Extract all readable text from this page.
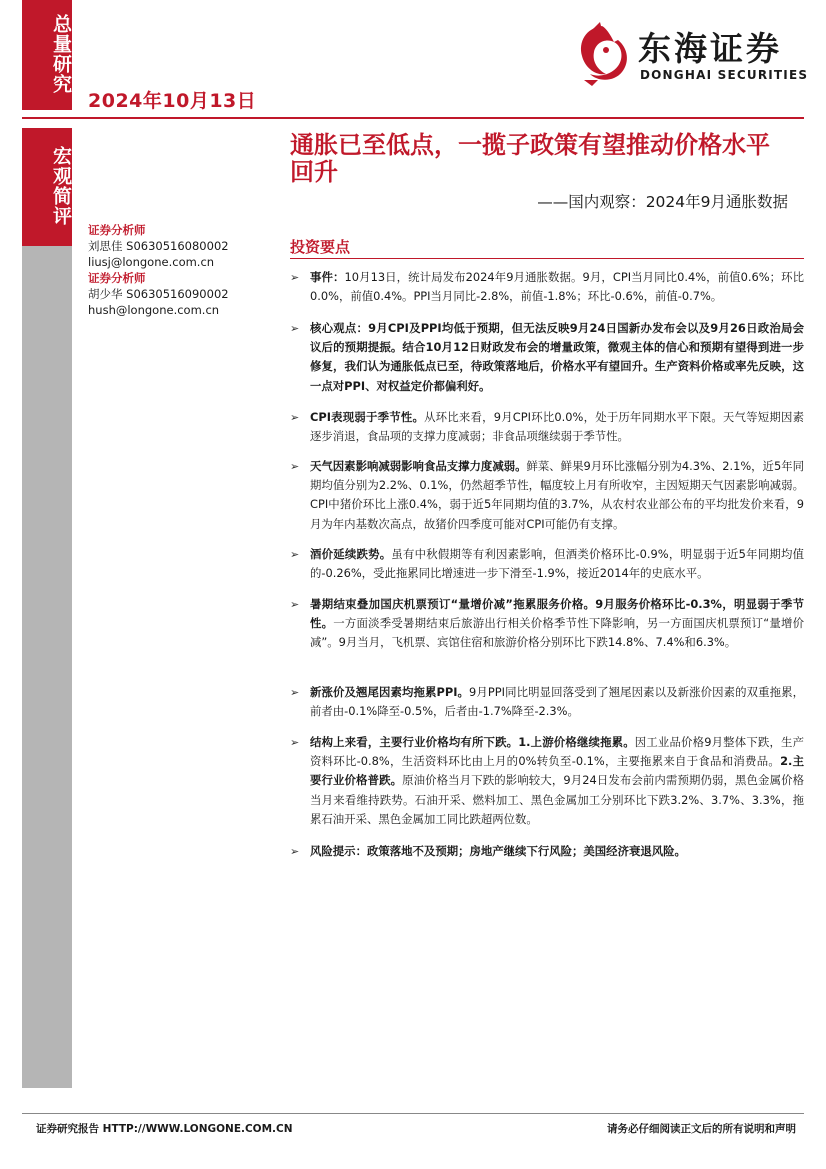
总量研究
2024年10月13日
东海证券
DONGHAI SECURITIES
宏观简评
证券分析师
刘思佳 S0630516080002
liusj@longone.com.cn
证券分析师
胡少华 S0630516090002
hush@longone.com.cn
通胀已至低点，一揽子政策有望推动价格水平回升
——国内观察：2024年9月通胀数据
投资要点
➢ 事件：10月13日，统计局发布2024年9月通胀数据。9月，CPI当月同比0.4%，前值0.6%；环比0.0%，前值0.4%。PPI当月同比-2.8%，前值-1.8%；环比-0.6%，前值-0.7%。
➢ 核心观点：9月CPI及PPI均低于预期，但无法反映9月24日国新办发布会以及9月26日政治局会议后的预期提振。结合10月12日财政发布会的增量政策，微观主体的信心和预期有望得到进一步修复，我们认为通胀低点已至，待政策落地后，价格水平有望回升。生产资料价格或率先反映，这一点对PPI、对权益定价都偏利好。
➢ CPI表现弱于季节性。从环比来看，9月CPI环比0.0%，处于历年同期水平下限。天气等短期因素逐步消退，食品项的支撑力度减弱；非食品项继续弱于季节性。
➢ 天气因素影响减弱影响食品支撑力度减弱。鲜菜、鲜果9月环比涨幅分别为4.3%、2.1%，近5年同期均值分别为2.2%、0.1%，仍然超季节性，幅度较上月有所收窄，主因短期天气因素影响减弱。CPI中猪价环比上涨0.4%，弱于近5年同期均值的3.7%，从农村农业部公布的平均批发价来看，9月为年内基数次高点，故猪价四季度可能对CPI可能仍有支撑。
➢ 酒价延续跌势。虽有中秋假期等有利因素影响，但酒类价格环比-0.9%，明显弱于近5年同期均值的-0.26%，受此拖累同比增速进一步下滑至-1.9%，接近2014年的史底水平。
➢ 暑期结束叠加国庆机票预订“量增价减”拖累服务价格。9月服务价格环比-0.3%，明显弱于季节性。一方面淡季受暑期结束后旅游出行相关价格季节性下降影响，另一方面国庆机票预订“量增价减”。9月当月，飞机票、宾馆住宿和旅游价格分别环比下跌14.8%、7.4%和6.3%。
➢ 新涨价及翘尾因素均拖累PPI。9月PPI同比明显回落受到了翘尾因素以及新涨价因素的双重拖累，前者由-0.1%降至-0.5%，后者由-1.7%降至-2.3%。
➢ 结构上来看，主要行业价格均有所下跌。1.上游价格继续拖累。因工业品价格9月整体下跌，生产资料环比-0.8%，生活资料环比由上月的0%转负至-0.1%，主要拖累来自于食品和消费品。2.主要行业价格普跌。原油价格当月下跌的影响较大，9月24日发布会前内需预期仍弱，黑色金属价格当月来看维持跌势。石油开采、燃料加工、黑色金属加工分别环比下跌3.2%、3.7%、3.3%，拖累石油开采、黑色金属加工同比跌超两位数。
➢ 风险提示：政策落地不及预期；房地产继续下行风险；美国经济衰退风险。
证券研究报告 HTTP://WWW.LONGONE.COM.CN	请务必仔细阅读正文后的所有说明和声明
